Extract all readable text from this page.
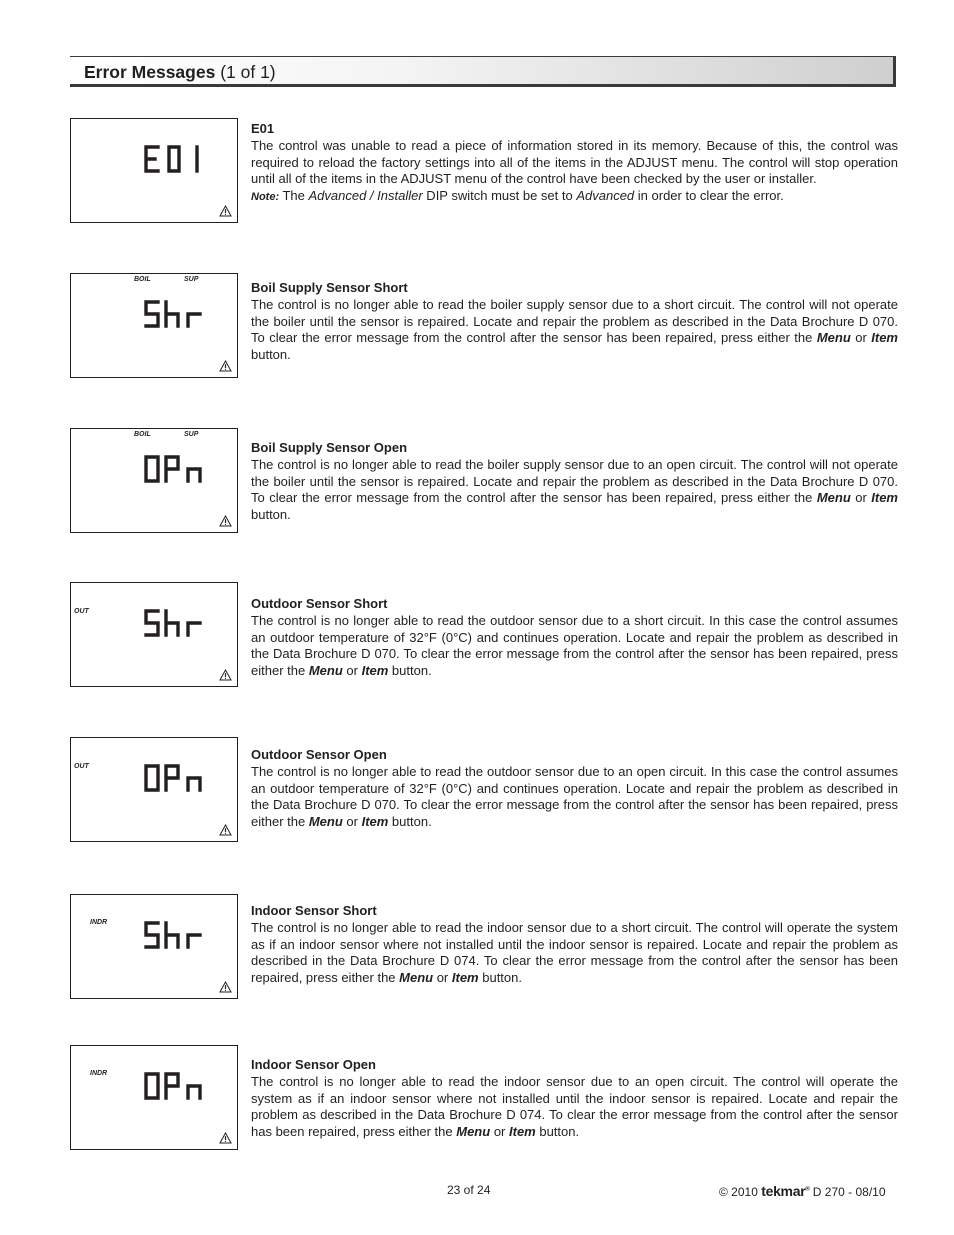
Error Messages (1 of 1)
E01
The control was unable to read a piece of information stored in its memory. Because of this, the control was required to reload the factory settings into all of the items in the ADJUST menu. The control will stop operation until all of the items in the ADJUST menu of the control have been checked by the user or installer.
Note: The Advanced / Installer DIP switch must be set to Advanced in order to clear the error.
BOIL	SUP
Boil Supply Sensor Short
The control is no longer able to read the boiler supply sensor due to a short circuit. The control will not operate the boiler until the sensor is repaired. Locate and repair the problem as described in the Data Brochure D 070. To clear the error message from the control after the sensor has been repaired, press either the Menu or Item button.
BOIL	SUP
Boil Supply Sensor Open
The control is no longer able to read the boiler supply sensor due to an open circuit. The control will not operate the boiler until the sensor is repaired. Locate and repair the problem as described in the Data Brochure D 070. To clear the error message from the control after the sensor has been repaired, press either the Menu or Item button.
OUT
Outdoor Sensor Short
The control is no longer able to read the outdoor sensor due to a short circuit. In this case the control assumes an outdoor temperature of 32°F (0°C) and continues operation. Locate and repair the problem as described in the Data Brochure D 070. To clear the error message from the control after the sensor has been repaired, press either the Menu or Item button.
OUT
Outdoor Sensor Open
The control is no longer able to read the outdoor sensor due to an open circuit. In this case the control assumes an outdoor temperature of 32°F (0°C) and continues operation. Locate and repair the problem as described in the Data Brochure D 070. To clear the error message from the control after the sensor has been repaired, press either the Menu or Item button.
INDR
Indoor Sensor Short
The control is no longer able to read the indoor sensor due to a short circuit. The control will operate the system as if an indoor sensor where not installed until the indoor sensor is repaired. Locate and repair the problem as described in the Data Brochure D 074. To clear the error message from the control after the sensor has been repaired, press either the Menu or Item button.
INDR
Indoor Sensor Open
The control is no longer able to read the indoor sensor due to an open circuit. The control will operate the system as if an indoor sensor where not installed until the indoor sensor is repaired. Locate and repair the problem as described in the Data Brochure D 074. To clear the error message from the control after the sensor has been repaired, press either the Menu or Item button.
23 of 24	© 2010 tekmar® D 270 - 08/10
